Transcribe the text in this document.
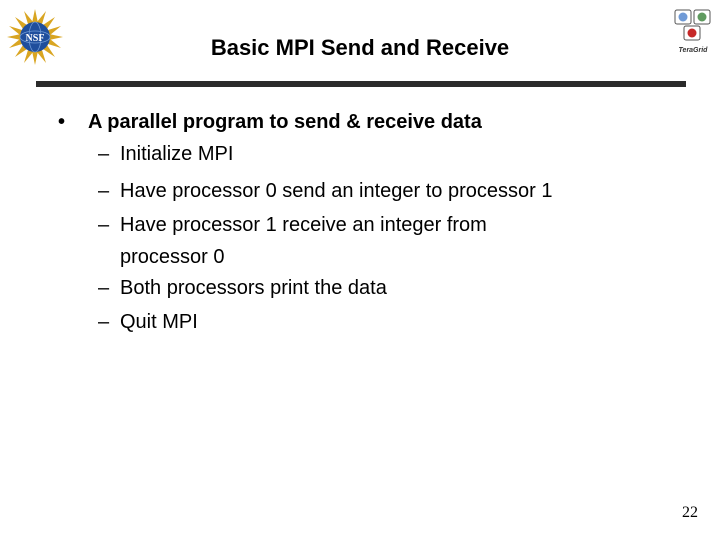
NSF
TeraGrid
Basic MPI Send and Receive
• A parallel program to send & receive data
– Initialize MPI
– Have processor 0 send an integer to processor 1
– Have processor 1 receive an integer from processor 0
– Both processors print the data
– Quit MPI
22
